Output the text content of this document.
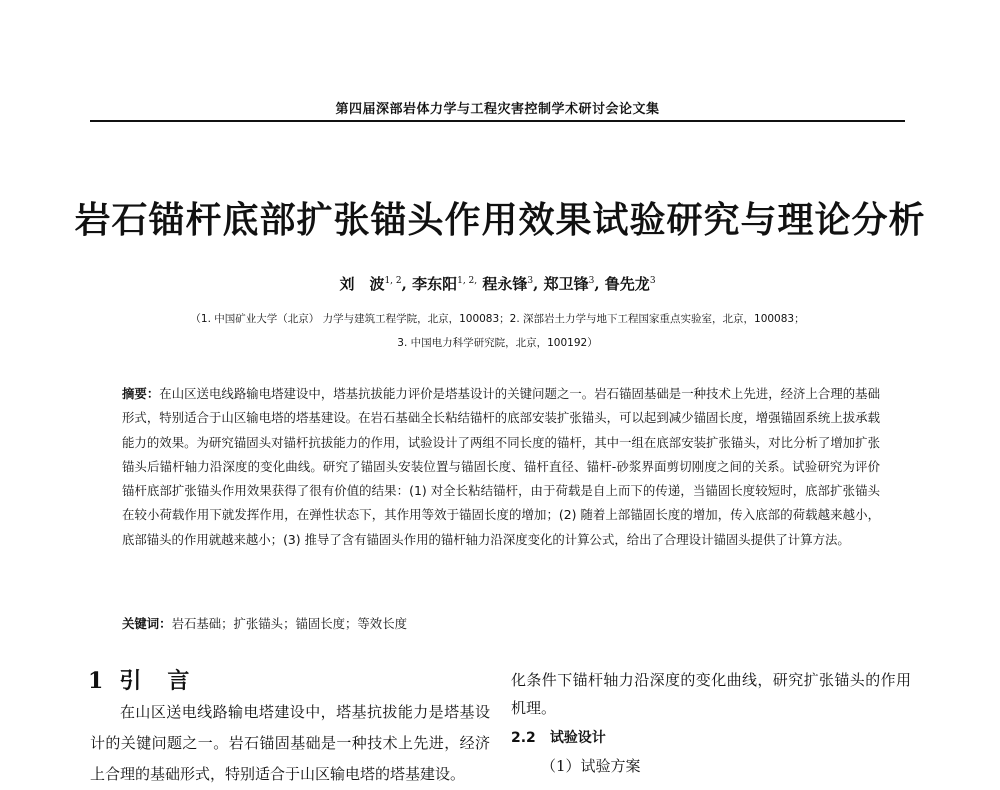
第四届深部岩体力学与工程灾害控制学术研讨会论文集
岩石锚杆底部扩张锚头作用效果试验研究与理论分析
刘　波$^{1, 2}$, 李东阳$^{1, 2,}$ 程永锋$^3$, 郑卫锋$^3$, 鲁先龙$^3$
（1. 中国矿业大学（北京） 力学与建筑工程学院，北京，100083；2. 深部岩土力学与地下工程国家重点实验室，北京，100083；
3. 中国电力科学研究院，北京，100192）
摘要：在山区送电线路输电塔建设中，塔基抗拔能力评价是塔基设计的关键问题之一。岩石锚固基础是一种技术上先进，经济上合理的基础形式，特别适合于山区输电塔的塔基建设。在岩石基础全长粘结锚杆的底部安装扩张锚头，可以起到减少锚固长度，增强锚固系统上拔承载能力的效果。为研究锚固头对锚杆抗拔能力的作用，试验设计了两组不同长度的锚杆，其中一组在底部安装扩张锚头，对比分析了增加扩张锚头后锚杆轴力沿深度的变化曲线。研究了锚固头安装位置与锚固长度、锚杆直径、锚杆-砂浆界面剪切刚度之间的关系。试验研究为评价锚杆底部扩张锚头作用效果获得了很有价值的结果：(1) 对全长粘结锚杆，由于荷载是自上而下的传递，当锚固长度较短时，底部扩张锚头在较小荷载作用下就发挥作用，在弹性状态下，其作用等效于锚固长度的增加；(2) 随着上部锚固长度的增加，传入底部的荷载越来越小，底部锚头的作用就越来越小；(3) 推导了含有锚固头作用的锚杆轴力沿深度变化的计算公式，给出了合理设计锚固头提供了计算方法。
关键词：岩石基础；扩张锚头；锚固长度；等效长度
1 引言

在山区送电线路输电塔建设中，塔基抗拔能力是塔基设计的关键问题之一。岩石锚固基础是一种技术上先进，经济上合理的基础形式，特别适合于山区输电塔的塔基建设。

化条件下锚杆轴力沿深度的变化曲线，研究扩张锚头的作用机理。

2.2 试验设计

（1）试验方案
